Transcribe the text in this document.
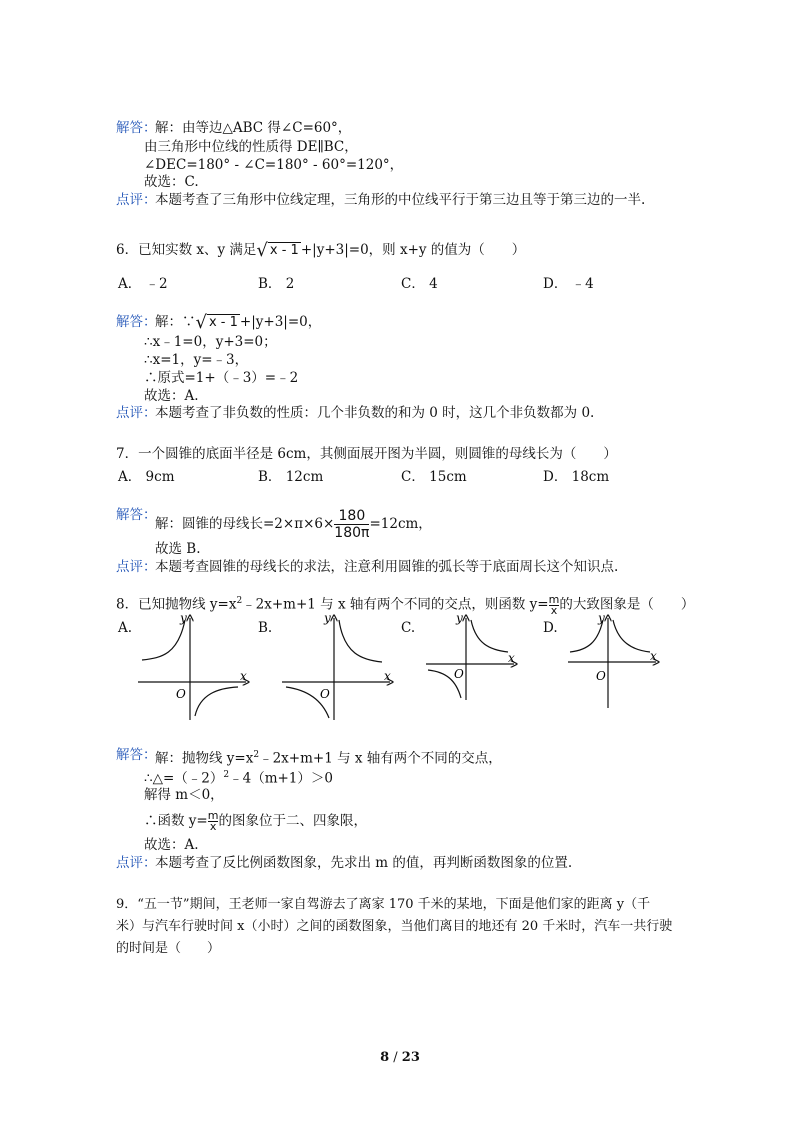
解答：
解：由等边△ABC 得∠C=60°，
由三角形中位线的性质得 DE∥BC，
∠DEC=180° - ∠C=180° - 60°=120°，
故选：C.
点评：
本题考查了三角形中位线定理，三角形的中位线平行于第三边且等于第三边的一半.
6．已知实数 x、y 满足√ x - 1 +|y+3|=0，则 x+y 的值为（　　）
A． ﹣2	B． 2	C． 4	D． ﹣4
解答：
解：∵√ x - 1 +|y+3|=0，
∴x﹣1=0，y+3=0；
∴x=1，y=﹣3，
∴原式=1+（﹣3）=﹣2
故选：A.
点评：
本题考查了非负数的性质：几个非负数的和为 0 时，这几个非负数都为 0.
7．一个圆锥的底面半径是 6cm，其侧面展开图为半圆，则圆锥的母线长为（　　）
A． 9cm	B． 12cm	C． 15cm	D． 18cm
解答：
解：圆锥的母线长$=2\times\pi\times 6\times \frac{180}{180\pi} =12cm$，
故选 B.
点评：
本题考查圆锥的母线长的求法，注意利用圆锥的弧长等于底面周长这个知识点.
8．已知抛物线 $y=x^2﹣2x+m+1$ 与 x 轴有两个不同的交点，则函数 $y= \frac{m}{x}$ 的大致图象是（　　）
A.
y
x
O
B.
y
x
O
C.
y
x
O
D.
y
x
O
解答：
解：抛物线 $y=x^2﹣2x+m+1$ 与 x 轴有两个不同的交点，
∴△=（﹣2）$^2$﹣4（m+1）＞0
解得 m＜0，
∴函数 $y= \frac{m}{x}$ 的图象位于二、四象限，
故选：A.
点评：
本题考查了反比例函数图象，先求出 m 的值，再判断函数图象的位置.
9．“五一节”期间，王老师一家自驾游去了离家 170 千米的某地，下面是他们家的距离 y（千
米）与汽车行驶时间 x（小时）之间的函数图象，当他们离目的地还有 20 千米时，汽车一共行驶
的时间是（　　）
8 / 23
